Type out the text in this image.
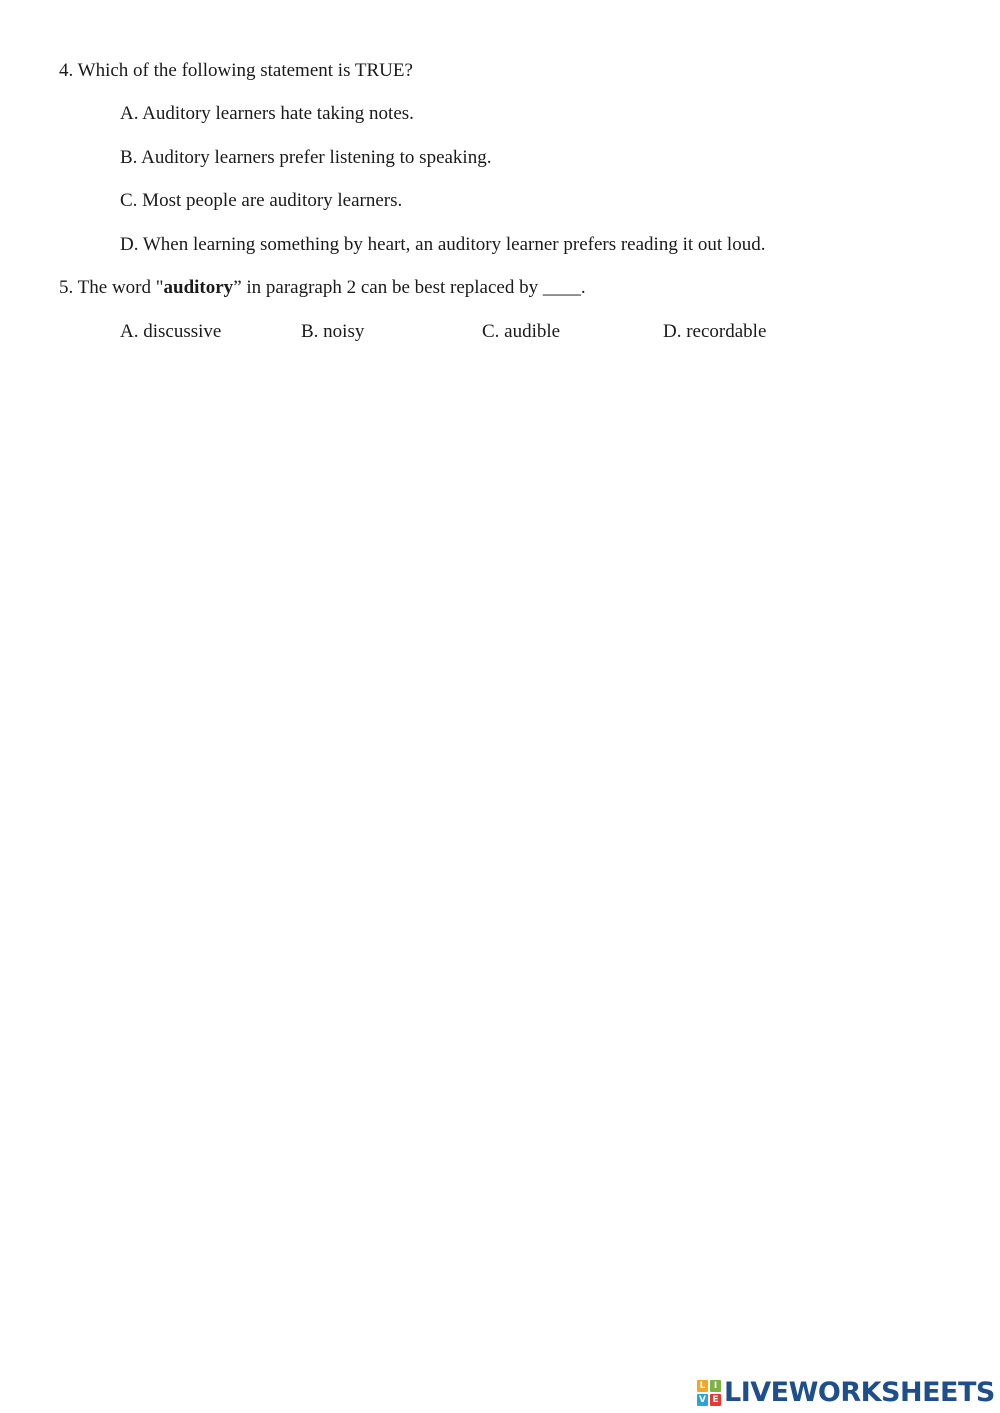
4. Which of the following statement is TRUE?
A. Auditory learners hate taking notes.
B. Auditory learners prefer listening to speaking.
C. Most people are auditory learners.
D. When learning something by heart, an auditory learner prefers reading it out loud.
5. The word "auditory” in paragraph 2 can be best replaced by ____.
A. discussive	B. noisy	C. audible	D. recordable
L I
V E LIVEWORKSHEETS
